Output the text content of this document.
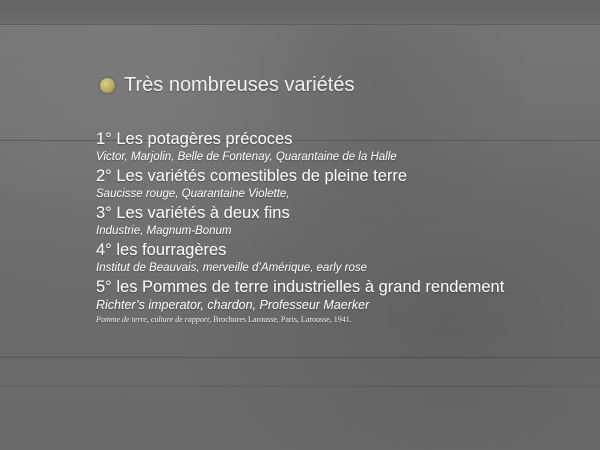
Très nombreuses variétés
1° Les potagères précoces
Victor, Marjolin, Belle de Fontenay, Quarantaine de la Halle
2° Les variétés comestibles de pleine terre
Saucisse rouge, Quarantaine Violette,
3° Les variétés à deux fins
Industrie, Magnum-Bonum
4° les fourragères
Institut de Beauvais, merveille d’Amérique, early rose
5° les Pommes de terre industrielles à grand rendement
Richter’s imperator, chardon, Professeur Maerker
Pomme de terre, culture de rapport, Brochures Larousse, Paris, Larousse, 1941.
